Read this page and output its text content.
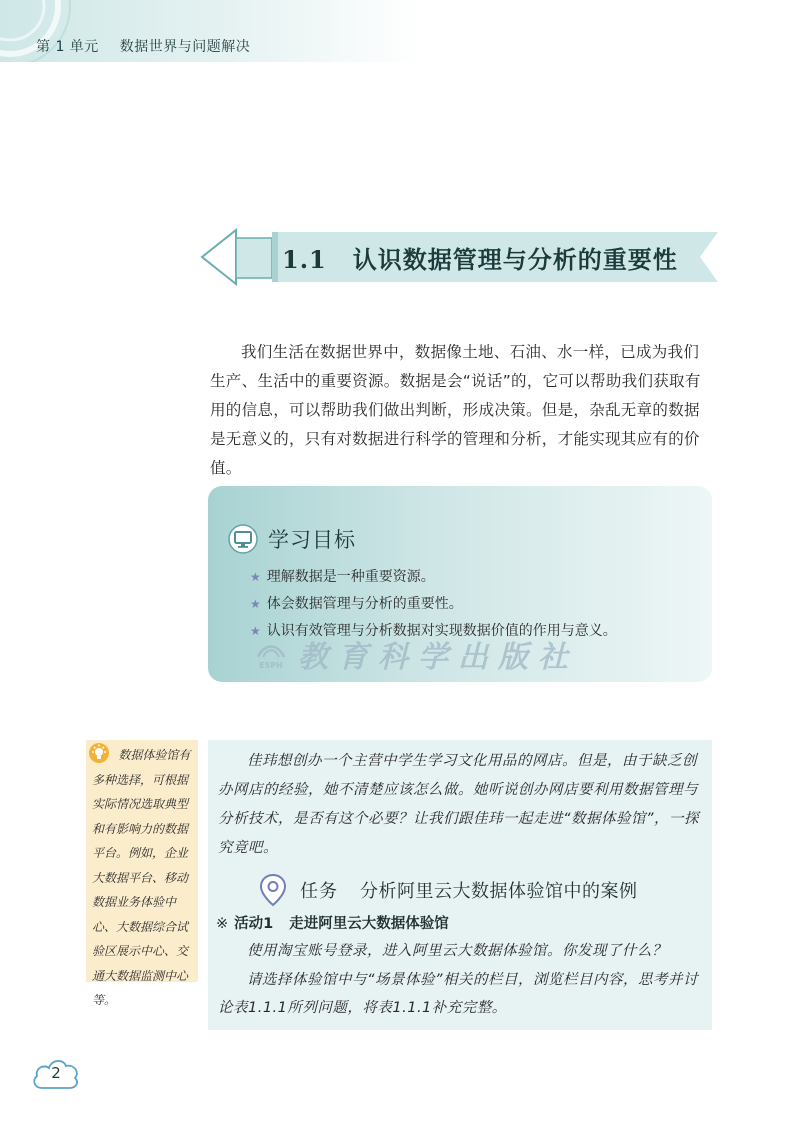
第 1 单元 数据世界与问题解决
1.1 认识数据管理与分析的重要性

我们生活在数据世界中，数据像土地、石油、水一样，已成为我们生产、生活中的重要资源。数据是会“说话”的，它可以帮助我们获取有用的信息，可以帮助我们做出判断，形成决策。但是，杂乱无章的数据是无意义的，只有对数据进行科学的管理和分析，才能实现其应有的价值。

学习目标
★ 理解数据是一种重要资源。
★ 体会数据管理与分析的重要性。
★ 认识有效管理与分析数据对实现数据价值的作用与意义。
ESPH 教育科学出版社
数据体验馆有多种选择，可根据实际情况选取典型和有影响力的数据平台。例如，企业大数据平台、移动数据业务体验中心、大数据综合试验区展示中心、交通大数据监测中心等。

佳玮想创办一个主营中学生学习文化用品的网店。但是，由于缺乏创办网店的经验，她不清楚应该怎么做。她听说创办网店要利用数据管理与分析技术，是否有这个必要？让我们跟佳玮一起走进“数据体验馆”，一探究竟吧。

任务 分析阿里云大数据体验馆中的案例
※ 活动1 走进阿里云大数据体验馆

使用淘宝账号登录，进入阿里云大数据体验馆。你发现了什么？

请选择体验馆中与“场景体验”相关的栏目，浏览栏目内容，思考并讨论表1.1.1所列问题，将表1.1.1补充完整。

2
